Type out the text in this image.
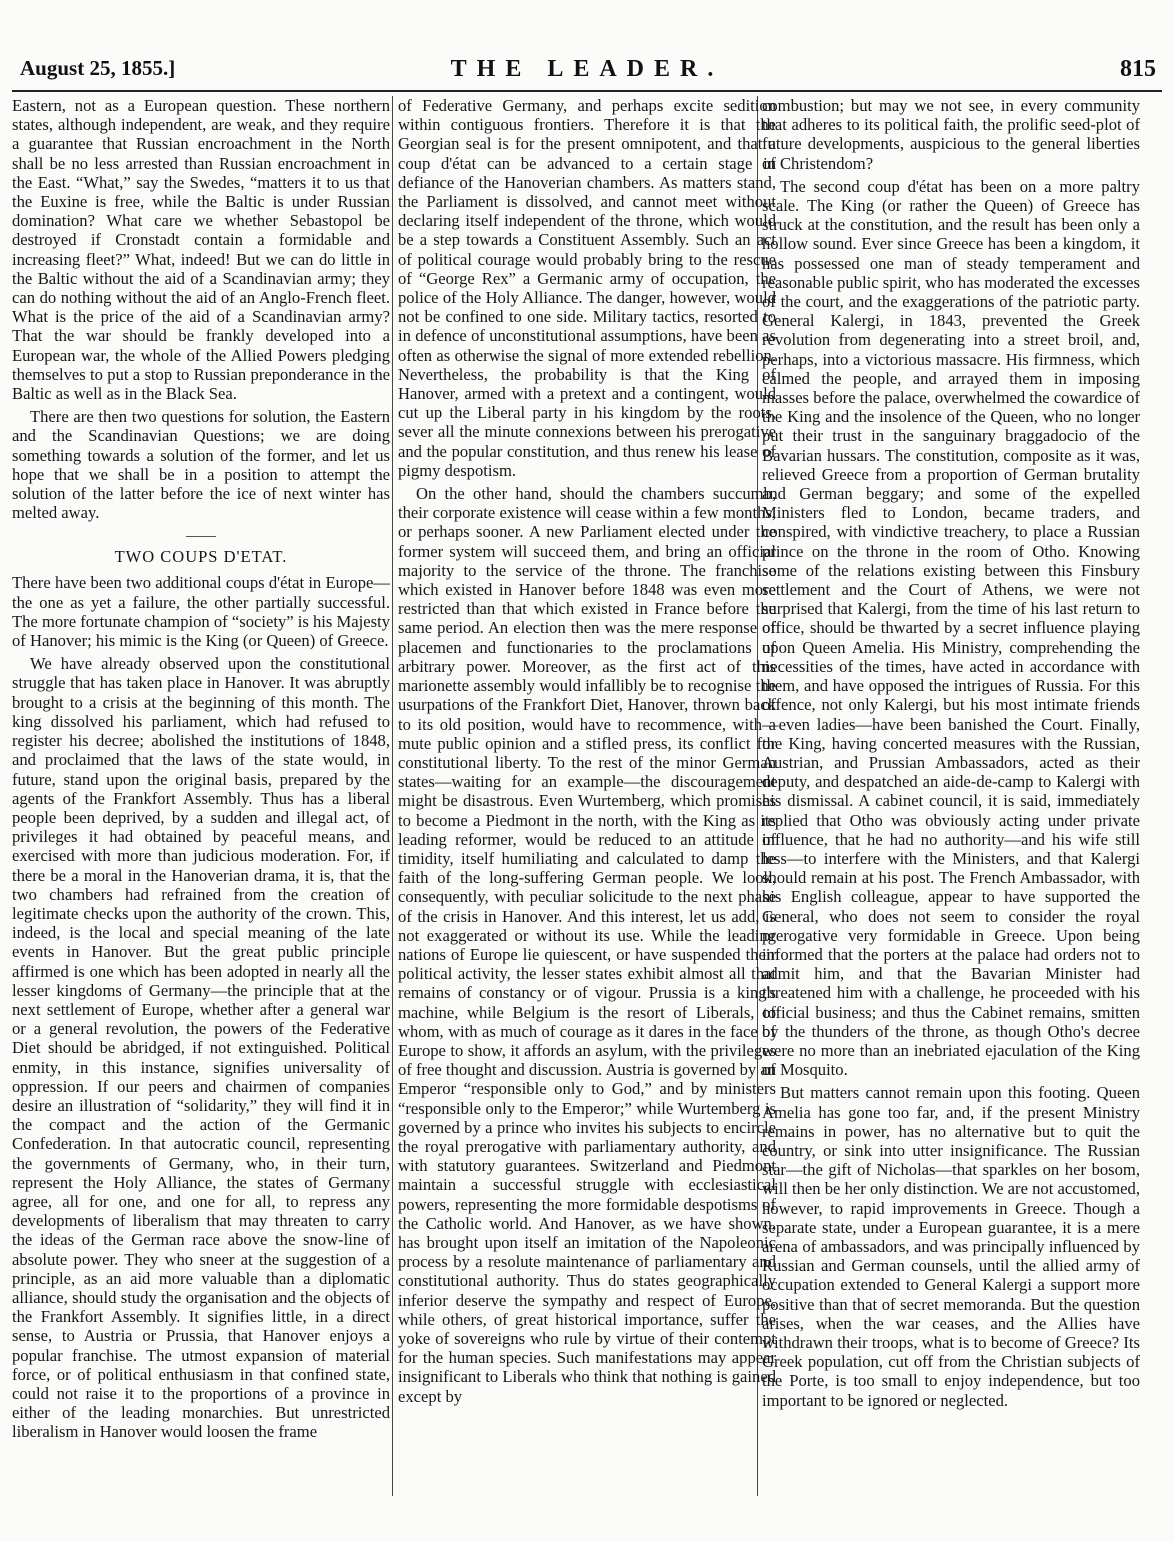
August 25, 1855.]	THE LEADER.	815

Eastern, not as a European question. These northern states, although independent, are weak, and they require a guarantee that Russian encroachment in the North shall be no less arrested than Russian encroachment in the East. “What,” say the Swedes, “matters it to us that the Euxine is free, while the Baltic is under Russian domination? What care we whether Sebastopol be destroyed if Cronstadt contain a formidable and increasing fleet?” What, indeed! But we can do little in the Baltic without the aid of a Scandinavian army; they can do nothing without the aid of an Anglo-French fleet. What is the price of the aid of a Scandinavian army? That the war should be frankly developed into a European war, the whole of the Allied Powers pledging themselves to put a stop to Russian preponderance in the Baltic as well as in the Black Sea.

There are then two questions for solution, the Eastern and the Scandinavian Questions; we are doing something towards a solution of the former, and let us hope that we shall be in a position to attempt the solution of the latter before the ice of next winter has melted away.

TWO COUPS D'ETAT.

There have been two additional coups d'état in Europe—the one as yet a failure, the other partially successful. The more fortunate champion of “society” is his Majesty of Hanover; his mimic is the King (or Queen) of Greece.

We have already observed upon the constitutional struggle that has taken place in Hanover. It was abruptly brought to a crisis at the beginning of this month. The king dissolved his parliament, which had refused to register his decree; abolished the institutions of 1848, and proclaimed that the laws of the state would, in future, stand upon the original basis, prepared by the agents of the Frankfort Assembly. Thus has a liberal people been deprived, by a sudden and illegal act, of privileges it had obtained by peaceful means, and exercised with more than judicious moderation. For, if there be a moral in the Hanoverian drama, it is, that the two chambers had refrained from the creation of legitimate checks upon the authority of the crown. This, indeed, is the local and special meaning of the late events in Hanover. But the great public principle affirmed is one which has been adopted in nearly all the lesser kingdoms of Germany—the principle that at the next settlement of Europe, whether after a general war or a general revolution, the powers of the Federative Diet should be abridged, if not extinguished. Political enmity, in this instance, signifies universality of oppression. If our peers and chairmen of companies desire an illustration of “solidarity,” they will find it in the compact and the action of the Germanic Confederation. In that autocratic council, representing the governments of Germany, who, in their turn, represent the Holy Alliance, the states of Germany agree, all for one, and one for all, to repress any developments of liberalism that may threaten to carry the ideas of the German race above the snow-line of absolute power. They who sneer at the suggestion of a principle, as an aid more valuable than a diplomatic alliance, should study the organisation and the objects of the Frankfort Assembly. It signifies little, in a direct sense, to Austria or Prussia, that Hanover enjoys a popular franchise. The utmost expansion of material force, or of political enthusiasm in that confined state, could not raise it to the proportions of a province in either of the leading monarchies. But unrestricted liberalism in Hanover would loosen the frame

of Federative Germany, and perhaps excite sedition within contiguous frontiers. Therefore it is that the Georgian seal is for the present omnipotent, and that a coup d'état can be advanced to a certain stage in defiance of the Hanoverian chambers. As matters stand, the Parliament is dissolved, and cannot meet without declaring itself independent of the throne, which would be a step towards a Constituent Assembly. Such an act of political courage would probably bring to the rescue of “George Rex” a Germanic army of occupation, the police of the Holy Alliance. The danger, however, would not be confined to one side. Military tactics, resorted to in defence of unconstitutional assumptions, have been as often as otherwise the signal of more extended rebellion. Nevertheless, the probability is that the King of Hanover, armed with a pretext and a contingent, would cut up the Liberal party in his kingdom by the roots, sever all the minute connexions between his prerogative and the popular constitution, and thus renew his lease of pigmy despotism.

On the other hand, should the chambers succumb, their corporate existence will cease within a few months, or perhaps sooner. A new Parliament elected under the former system will succeed them, and bring an official majority to the service of the throne. The franchise which existed in Hanover before 1848 was even more restricted than that which existed in France before the same period. An election then was the mere response of placemen and functionaries to the proclamations of arbitrary power. Moreover, as the first act of this marionette assembly would infallibly be to recognise the usurpations of the Frankfort Diet, Hanover, thrown back to its old position, would have to recommence, with a mute public opinion and a stifled press, its conflict for constitutional liberty. To the rest of the minor German states—waiting for an example—the discouragement might be disastrous. Even Wurtemberg, which promises to become a Piedmont in the north, with the King as its leading reformer, would be reduced to an attitude of timidity, itself humiliating and calculated to damp the faith of the long-suffering German people. We look, consequently, with peculiar solicitude to the next phase of the crisis in Hanover. And this interest, let us add, is not exaggerated or without its use. While the leading nations of Europe lie quiescent, or have suspended their political activity, the lesser states exhibit almost all that remains of constancy or of vigour. Prussia is a king's machine, while Belgium is the resort of Liberals, to whom, with as much of courage as it dares in the face of Europe to show, it affords an asylum, with the privileges of free thought and discussion. Austria is governed by an Emperor “responsible only to God,” and by ministers “responsible only to the Emperor;” while Wurtemberg is governed by a prince who invites his subjects to encircle the royal prerogative with parliamentary authority, and with statutory guarantees. Switzerland and Piedmont maintain a successful struggle with ecclesiastical powers, representing the more formidable despotisms of the Catholic world. And Hanover, as we have shown, has brought upon itself an imitation of the Napoleonic process by a resolute maintenance of parliamentary and constitutional authority. Thus do states geographically inferior deserve the sympathy and respect of Europe, while others, of great historical importance, suffer the yoke of sovereigns who rule by virtue of their contempt for the human species. Such manifestations may appear insignificant to Liberals who think that nothing is gained except by

combustion; but may we not see, in every community that adheres to its political faith, the prolific seed-plot of future developments, auspicious to the general liberties of Christendom?

The second coup d'état has been on a more paltry scale. The King (or rather the Queen) of Greece has struck at the constitution, and the result has been only a hollow sound. Ever since Greece has been a kingdom, it has possessed one man of steady temperament and reasonable public spirit, who has moderated the excesses of the court, and the exaggerations of the patriotic party. General Kalergi, in 1843, prevented the Greek revolution from degenerating into a street broil, and, perhaps, into a victorious massacre. His firmness, which calmed the people, and arrayed them in imposing masses before the palace, overwhelmed the cowardice of the King and the insolence of the Queen, who no longer put their trust in the sanguinary braggadocio of the Bavarian hussars. The constitution, composite as it was, relieved Greece from a proportion of German brutality and German beggary; and some of the expelled Ministers fled to London, became traders, and conspired, with vindictive treachery, to place a Russian prince on the throne in the room of Otho. Knowing some of the relations existing between this Finsbury settlement and the Court of Athens, we were not surprised that Kalergi, from the time of his last return to office, should be thwarted by a secret influence playing upon Queen Amelia. His Ministry, comprehending the necessities of the times, have acted in accordance with them, and have opposed the intrigues of Russia. For this offence, not only Kalergi, but his most intimate friends—even ladies—have been banished the Court. Finally, the King, having concerted measures with the Russian, Austrian, and Prussian Ambassadors, acted as their deputy, and despatched an aide-de-camp to Kalergi with his dismissal. A cabinet council, it is said, immediately replied that Otho was obviously acting under private influence, that he had no authority—and his wife still less—to interfere with the Ministers, and that Kalergi should remain at his post. The French Ambassador, with his English colleague, appear to have supported the General, who does not seem to consider the royal prerogative very formidable in Greece. Upon being informed that the porters at the palace had orders not to admit him, and that the Bavarian Minister had threatened him with a challenge, he proceeded with his official business; and thus the Cabinet remains, smitten by the thunders of the throne, as though Otho's decree were no more than an inebriated ejaculation of the King of Mosquito.

But matters cannot remain upon this footing. Queen Amelia has gone too far, and, if the present Ministry remains in power, has no alternative but to quit the country, or sink into utter insignificance. The Russian star—the gift of Nicholas—that sparkles on her bosom, will then be her only distinction. We are not accustomed, however, to rapid improvements in Greece. Though a separate state, under a European guarantee, it is a mere arena of ambassadors, and was principally influenced by Russian and German counsels, until the allied army of occupation extended to General Kalergi a support more positive than that of secret memoranda. But the question arises, when the war ceases, and the Allies have withdrawn their troops, what is to become of Greece? Its Greek population, cut off from the Christian subjects of the Porte, is too small to enjoy independence, but too important to be ignored or neglected.
